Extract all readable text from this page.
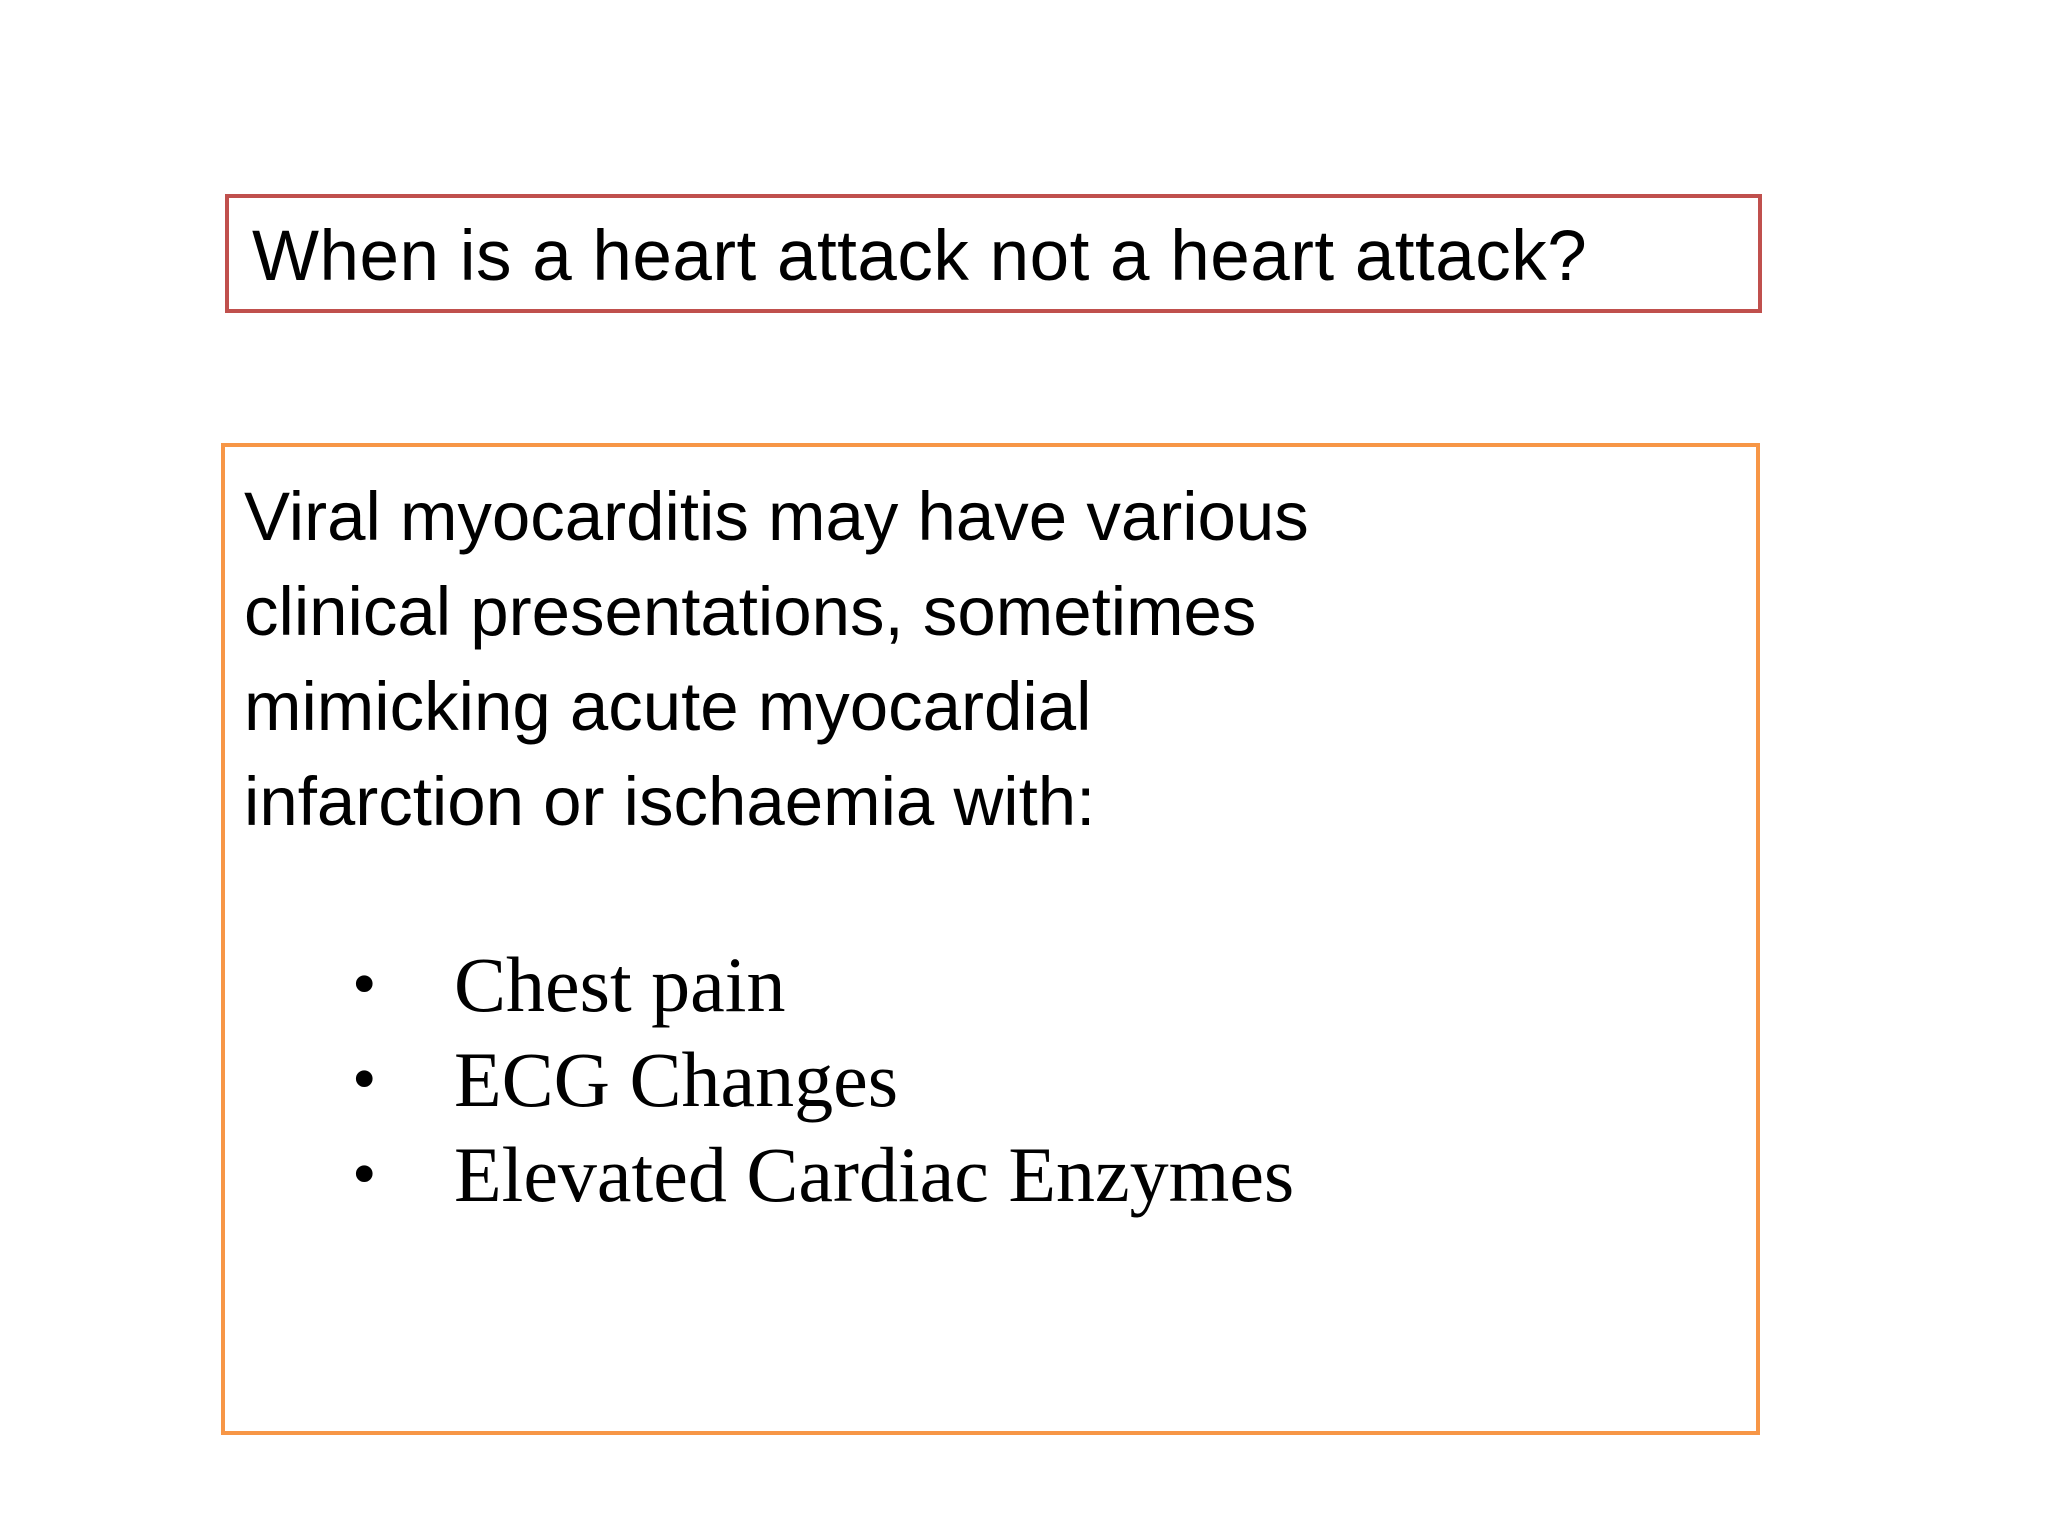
When is a heart attack not a heart attack?
Viral myocarditis may have various
clinical presentations, sometimes
mimicking acute myocardial
infarction or ischaemia with:
• Chest pain
• ECG Changes
• Elevated Cardiac Enzymes
